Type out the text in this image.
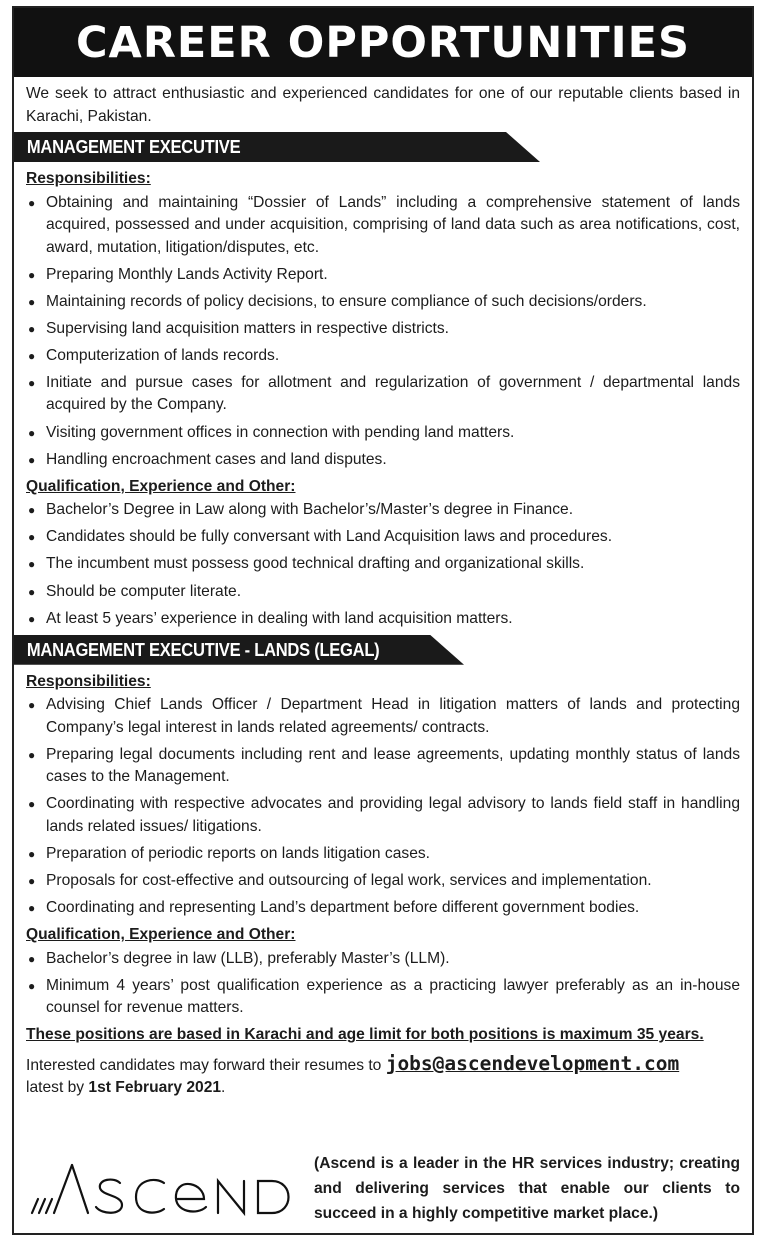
CAREER OPPORTUNITIES

We seek to attract enthusiastic and experienced candidates for one of our reputable clients based in Karachi, Pakistan.

MANAGEMENT EXECUTIVE
Responsibilities:
● Obtaining and maintaining “Dossier of Lands” including a comprehensive statement of lands acquired, possessed and under acquisition, comprising of land data such as area notifications, cost, award, mutation, litigation/disputes, etc.
● Preparing Monthly Lands Activity Report.
● Maintaining records of policy decisions, to ensure compliance of such decisions/orders.
● Supervising land acquisition matters in respective districts.
● Computerization of lands records.
● Initiate and pursue cases for allotment and regularization of government / departmental lands acquired by the Company.
● Visiting government offices in connection with pending land matters.
● Handling encroachment cases and land disputes.
Qualification, Experience and Other:
● Bachelor’s Degree in Law along with Bachelor’s/Master’s degree in Finance.
● Candidates should be fully conversant with Land Acquisition laws and procedures.
● The incumbent must possess good technical drafting and organizational skills.
● Should be computer literate.
● At least 5 years’ experience in dealing with land acquisition matters.
MANAGEMENT EXECUTIVE - LANDS (LEGAL)
Responsibilities:
● Advising Chief Lands Officer / Department Head in litigation matters of lands and protecting Company’s legal interest in lands related agreements/ contracts.
● Preparing legal documents including rent and lease agreements, updating monthly status of lands cases to the Management.
● Coordinating with respective advocates and providing legal advisory to lands field staff in handling lands related issues/ litigations.
● Preparation of periodic reports on lands litigation cases.
● Proposals for cost-effective and outsourcing of legal work, services and implementation.
● Coordinating and representing Land’s department before different government bodies.
Qualification, Experience and Other:
● Bachelor’s degree in law (LLB), preferably Master’s (LLM).
● Minimum 4 years’ post qualification experience as a practicing lawyer preferably as an in-house counsel for revenue matters.
These positions are based in Karachi and age limit for both positions is maximum 35 years.
Interested candidates may forward their resumes to jobs@ascendevelopment.com
latest by 1st February 2021.
(Ascend is a leader in the HR services industry; creating and delivering services that enable our clients to succeed in a highly competitive market place.)
